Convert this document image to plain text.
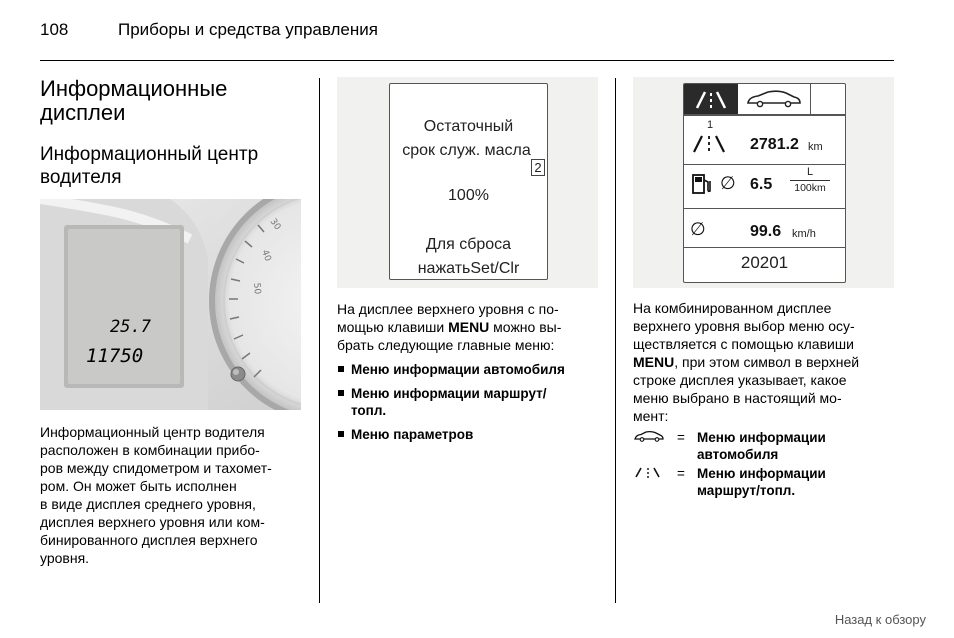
108	Приборы и средства управления
Информационные
дисплеи
Информационный центр
водителя
30
40
50
25.7
11750
Информационный центр водителя
расположен в комбинации прибо-
ров между спидометром и тахомет-
ром. Он может быть исполнен
в виде дисплея среднего уровня,
дисплея верхнего уровня или ком-
бинированного дисплея верхнего
уровня.
Остаточный
срок служ. масла
2
100%
Для сброса
нажатьSet/Clr
На дисплее верхнего уровня с по-
мощью клавиши MENU можно вы-
брать следующие главные меню:
Меню информации автомобиля
Меню информации маршрут/
топл.
Меню параметров
1
2781.2 km
∅ 6.5
L
100km
∅	99.6 km/h
20201
На комбинированном дисплее
верхнего уровня выбор меню осу-
ществляется с помощью клавиши
MENU, при этом символ в верхней
строке дисплея указывает, какое
меню выбрано в настоящий мо-
мент:
= Меню информации
автомобиля
= Меню информации
маршрут/топл.
Назад к обзору
